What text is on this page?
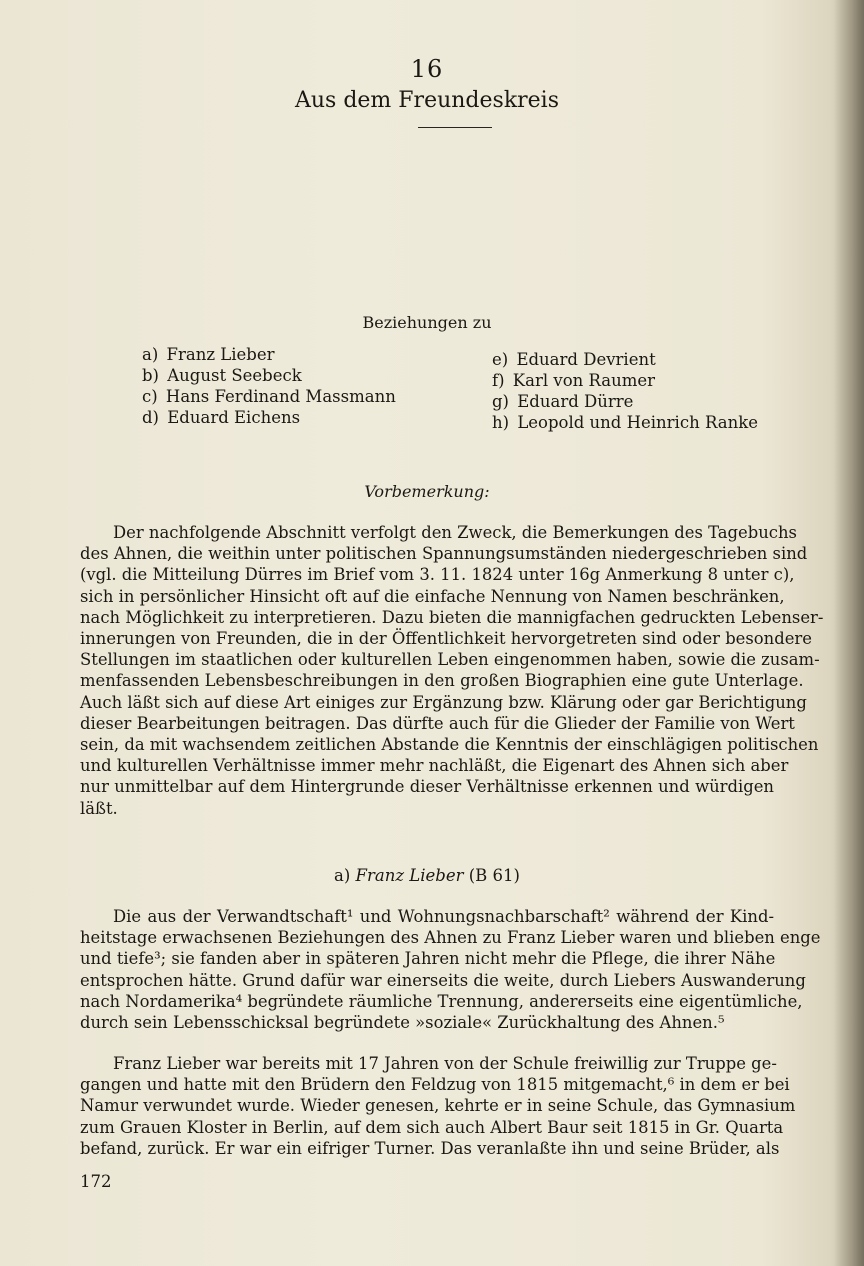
16
Aus dem Freundeskreis
Beziehungen zu
a) Franz Lieber
b) August Seebeck
c) Hans Ferdinand Massmann
d) Eduard Eichens
e) Eduard Devrient
f) Karl von Raumer
g) Eduard Dürre
h) Leopold und Heinrich Ranke
Vorbemerkung:
Der nachfolgende Abschnitt verfolgt den Zweck, die Bemerkungen des Tagebuchs
des Ahnen, die weithin unter politischen Spannungsumständen niedergeschrieben sind
(vgl. die Mitteilung Dürres im Brief vom 3. 11. 1824 unter 16g Anmerkung 8 unter c),
sich in persönlicher Hinsicht oft auf die einfache Nennung von Namen beschränken,
nach Möglichkeit zu interpretieren. Dazu bieten die mannigfachen gedruckten Lebenser-
innerungen von Freunden, die in der Öffentlichkeit hervorgetreten sind oder besondere
Stellungen im staatlichen oder kulturellen Leben eingenommen haben, sowie die zusam-
menfassenden Lebensbeschreibungen in den großen Biographien eine gute Unterlage.
Auch läßt sich auf diese Art einiges zur Ergänzung bzw. Klärung oder gar Berichtigung
dieser Bearbeitungen beitragen. Das dürfte auch für die Glieder der Familie von Wert
sein, da mit wachsendem zeitlichen Abstande die Kenntnis der einschlägigen politischen
und kulturellen Verhältnisse immer mehr nachläßt, die Eigenart des Ahnen sich aber
nur unmittelbar auf dem Hintergrunde dieser Verhältnisse erkennen und würdigen
läßt.
a) Franz Lieber (B 61)
Die aus der Verwandtschaft¹ und Wohnungsnachbarschaft² während der Kind-
heitstage erwachsenen Beziehungen des Ahnen zu Franz Lieber waren und blieben enge
und tiefe³; sie fanden aber in späteren Jahren nicht mehr die Pflege, die ihrer Nähe
entsprochen hätte. Grund dafür war einerseits die weite, durch Liebers Auswanderung
nach Nordamerika⁴ begründete räumliche Trennung, andererseits eine eigentümliche,
durch sein Lebensschicksal begründete »soziale« Zurückhaltung des Ahnen.⁵
Franz Lieber war bereits mit 17 Jahren von der Schule freiwillig zur Truppe ge-
gangen und hatte mit den Brüdern den Feldzug von 1815 mitgemacht,⁶ in dem er bei
Namur verwundet wurde. Wieder genesen, kehrte er in seine Schule, das Gymnasium
zum Grauen Kloster in Berlin, auf dem sich auch Albert Baur seit 1815 in Gr. Quarta
befand, zurück. Er war ein eifriger Turner. Das veranlaßte ihn und seine Brüder, als
172
